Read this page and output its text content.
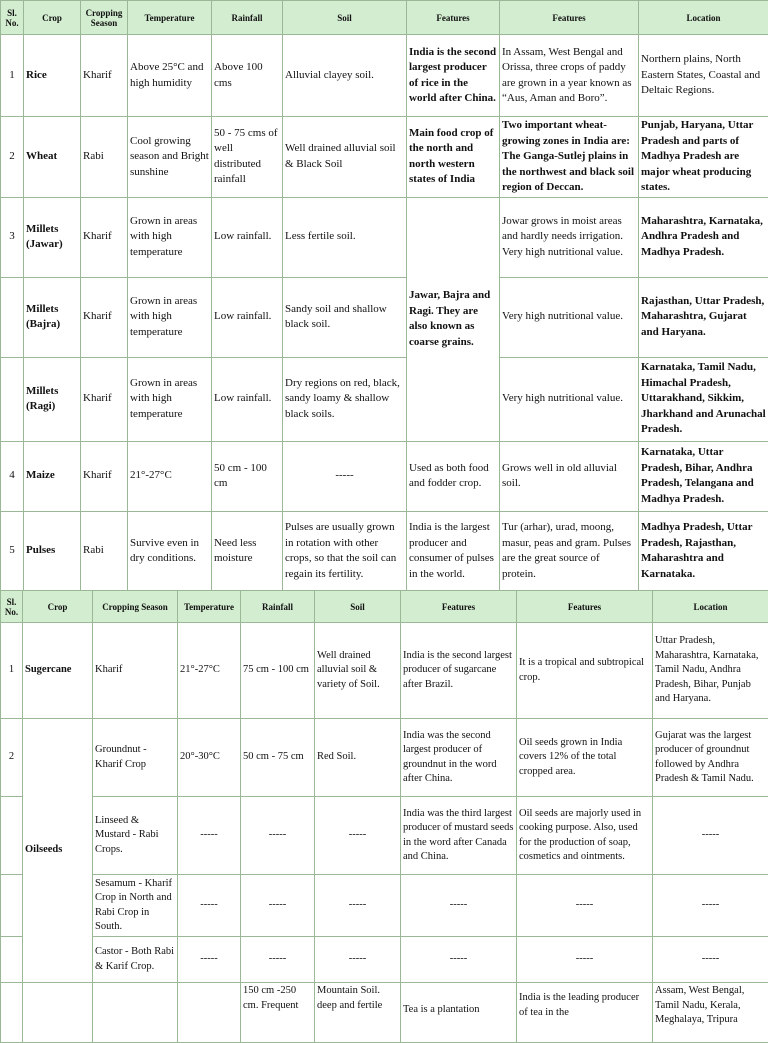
Sl. No.	Crop	Cropping Season	Temperature	Rainfall	Soil	Features	Features	Location
1	Rice	Kharif	Above 25°C and high humidity	Above 100 cms	Alluvial clayey soil.	India is the second largest producer of rice in the world after China.	In Assam, West Bengal and Orissa, three crops of paddy are grown in a year known as “Aus, Aman and Boro”.	Northern plains, North Eastern States, Coastal and Deltaic Regions.
2	Wheat	Rabi	Cool growing season and Bright sunshine	50 - 75 cms of well distributed rainfall	Well drained alluvial soil & Black Soil	Main food crop of the north and north western states of India	Two important wheat-growing zones in India are: The Ganga-Sutlej plains in the northwest and black soil region of Deccan.	Punjab, Haryana, Uttar Pradesh and parts of Madhya Pradesh are major wheat producing states.
3	Millets (Jawar)	Kharif	Grown in areas with high temperature	Low rainfall.	Less fertile soil.	Jawar, Bajra and Ragi. They are also known as coarse grains.	Jowar grows in moist areas and hardly needs irrigation. Very high nutritional value.	Maharashtra, Karnataka, Andhra Pradesh and Madhya Pradesh.
	Millets (Bajra)	Kharif	Grown in areas with high temperature	Low rainfall.	Sandy soil and shallow black soil.		Very high nutritional value.	Rajasthan, Uttar Pradesh, Maharashtra, Gujarat and Haryana.
	Millets (Ragi)	Kharif	Grown in areas with high temperature	Low rainfall.	Dry regions on red, black, sandy loamy & shallow black soils.		Very high nutritional value.	Karnataka, Tamil Nadu, Himachal Pradesh, Uttarakhand, Sikkim, Jharkhand and Arunachal Pradesh.
4	Maize	Kharif	21°-27°C	50 cm - 100 cm	-----	Used as both food and fodder crop.	Grows well in old alluvial soil.	Karnataka, Uttar Pradesh, Bihar, Andhra Pradesh, Telangana and Madhya Pradesh.
5	Pulses	Rabi	Survive even in dry conditions.	Need less moisture	Pulses are usually grown in rotation with other crops, so that the soil can regain its fertility.	India is the largest producer and consumer of pulses in the world.	Tur (arhar), urad, moong, masur, peas and gram. Pulses are the great source of protein.	Madhya Pradesh, Uttar Pradesh, Rajasthan, Maharashtra and Karnataka.
Sl. No.	Crop	Cropping Season	Temperature	Rainfall	Soil	Features	Features	Location
1	Sugercane	Kharif	21°-27°C	75 cm - 100 cm	Well drained alluvial soil & variety of Soil.	India is the second largest producer of sugarcane after Brazil.	It is a tropical and subtropical crop.	Uttar Pradesh, Maharashtra, Karnataka, Tamil Nadu, Andhra Pradesh, Bihar, Punjab and Haryana.
2	Oilseeds	Groundnut - Kharif Crop	20°-30°C	50 cm - 75 cm	Red Soil.	India was the second largest producer of groundnut in the word after China.	Oil seeds grown in India covers 12% of the total cropped area.	Gujarat was the largest producer of groundnut followed by Andhra Pradesh & Tamil Nadu.
		Linseed & Mustard - Rabi Crops.	-----	-----	-----	India was the third largest producer of mustard seeds in the word after Canada and China.	Oil seeds are majorly used in cooking purpose. Also, used for the production of soap, cosmetics and ointments.	-----
		Sesamum - Kharif Crop in North and Rabi Crop in South.	-----	-----	-----	-----	-----	-----
		Castor - Both Rabi & Karif Crop.	-----	-----	-----	-----	-----	-----
				150 cm -250 cm. Frequent	Mountain Soil. deep and fertile	Tea is a plantation	India is the leading producer of tea in the	Assam, West Bengal, Tamil Nadu, Kerala, Meghalaya, Tripura
